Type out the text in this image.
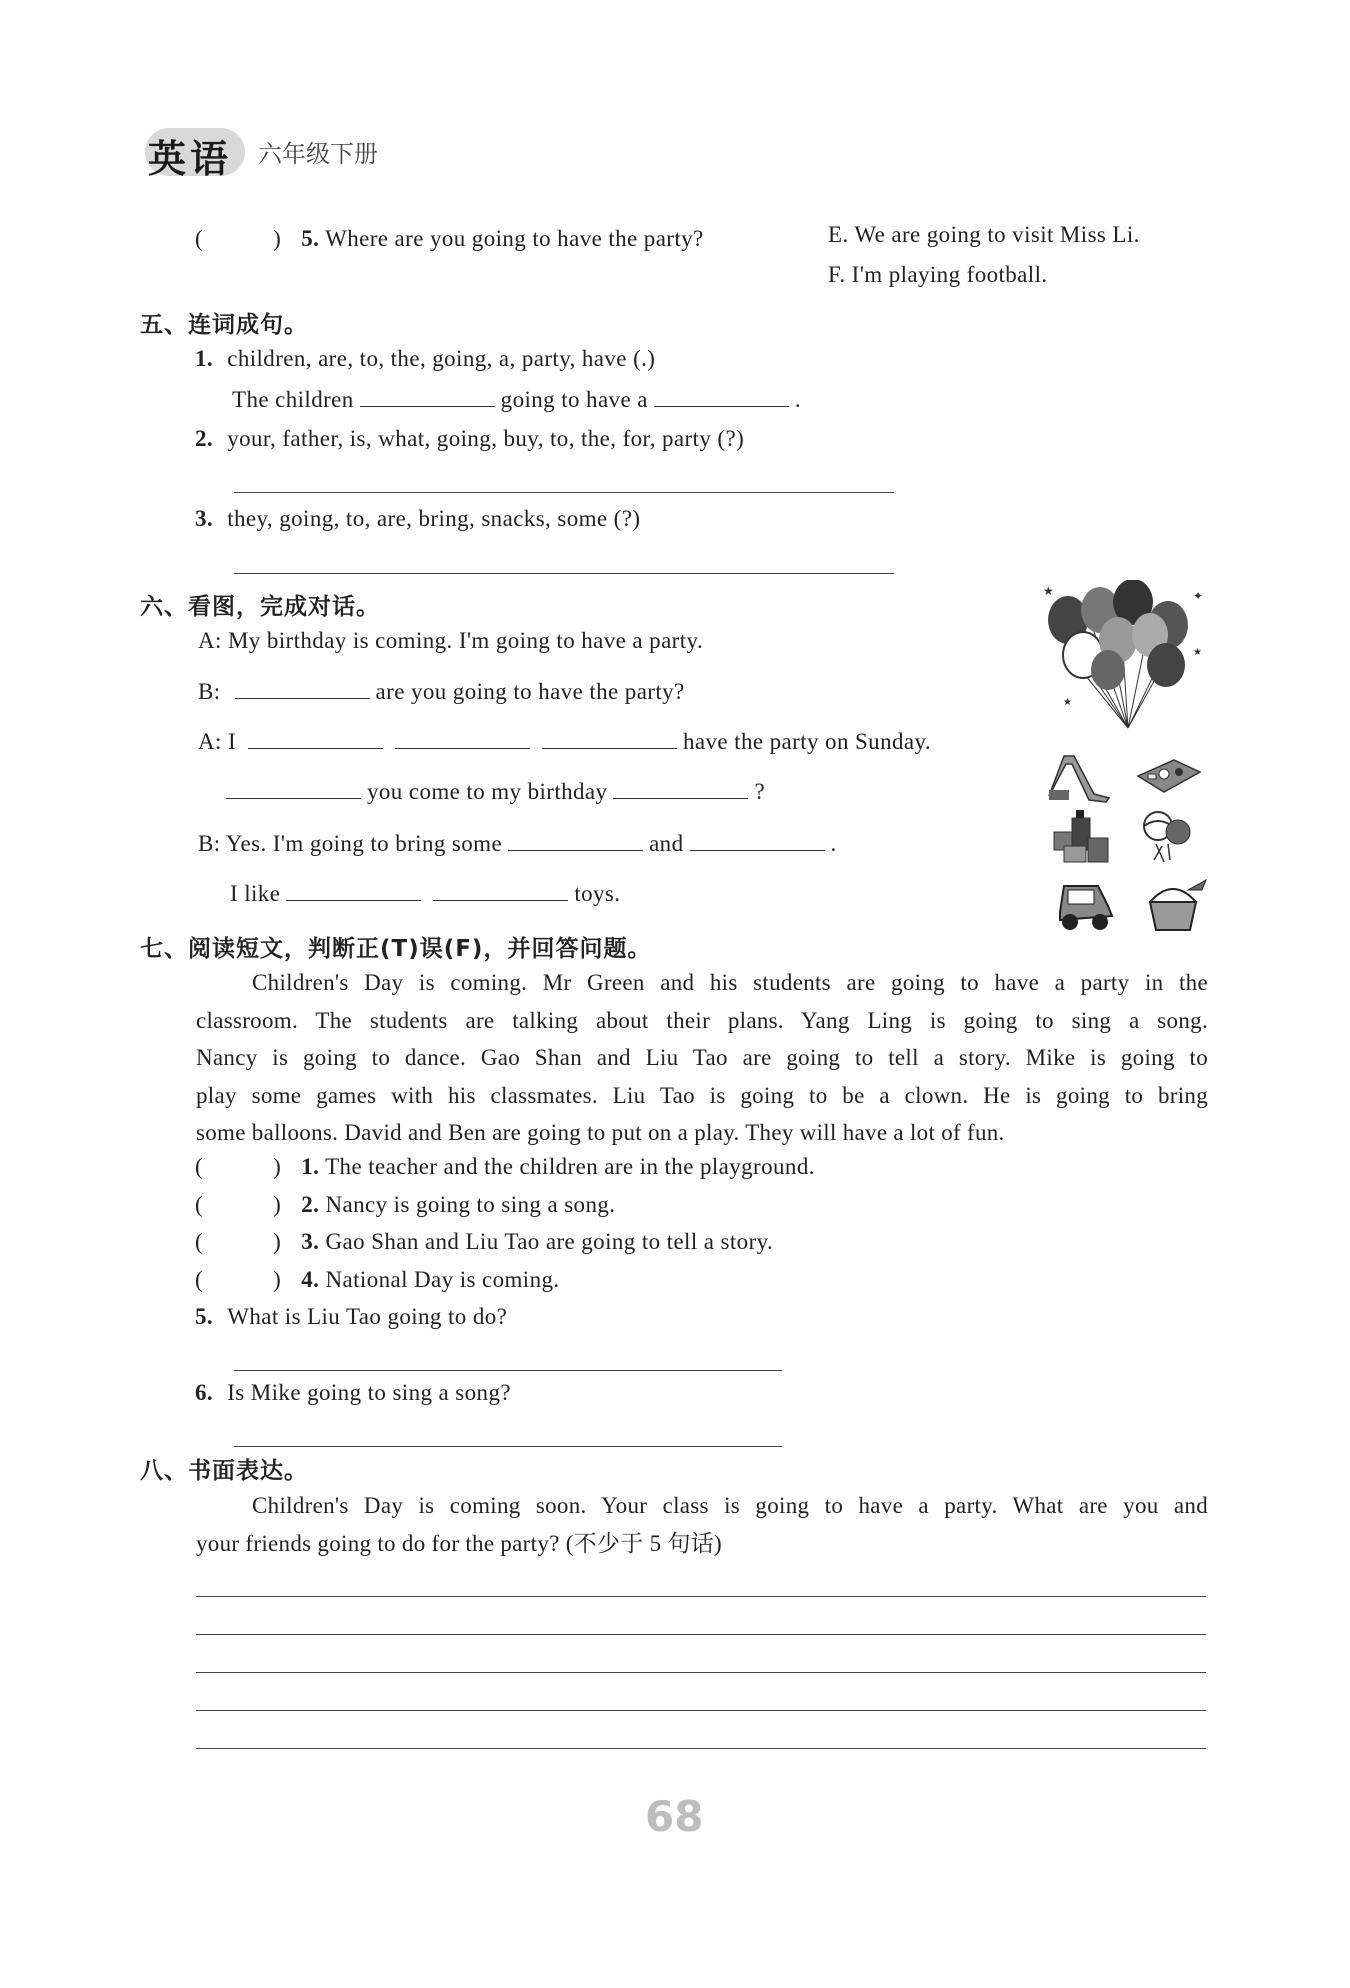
英语 六年级下册
(	) 5. Where are you going to have the party?	E. We are going to visit Miss Li.
F. I'm playing football.
五、连词成句。
1. children, are, to, the, going, a, party, have (.)
The children	going to have a	.
2. your, father, is, what, going, buy, to, the, for, party (?)
3. they, going, to, are, bring, snacks, some (?)
六、看图，完成对话。
A: My birthday is coming. I'm going to have a party.
B:	are you going to have the party?
A: I	have the party on Sunday.
you come to my birthday	?
B: Yes. I'm going to bring some	and	.
I like	toys.
★	✦
★
★
七、阅读短文，判断正(T)误(F)，并回答问题。
Children's Day is coming. Mr Green and his students are going to have a party in the
classroom. The students are talking about their plans. Yang Ling is going to sing a song.
Nancy is going to dance. Gao Shan and Liu Tao are going to tell a story. Mike is going to
play some games with his classmates. Liu Tao is going to be a clown. He is going to bring
some balloons. David and Ben are going to put on a play. They will have a lot of fun.
(	) 1. The teacher and the children are in the playground.
(	) 2. Nancy is going to sing a song.
(	) 3. Gao Shan and Liu Tao are going to tell a story.
(	) 4. National Day is coming.
5. What is Liu Tao going to do?
6. Is Mike going to sing a song?
八、书面表达。
Children's Day is coming soon. Your class is going to have a party. What are you and
your friends going to do for the party? (不少于 5 句话)
68
